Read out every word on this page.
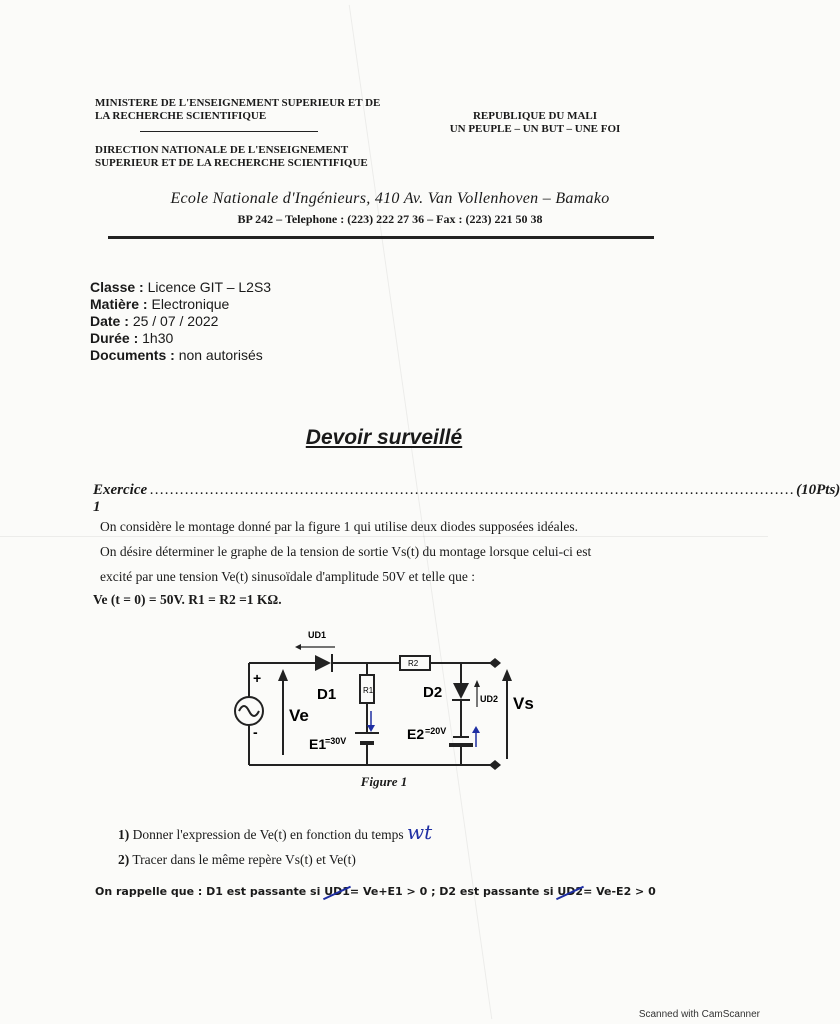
MINISTERE DE L'ENSEIGNEMENT SUPERIEUR ET DE
LA RECHERCHE SCIENTIFIQUE
DIRECTION NATIONALE DE L'ENSEIGNEMENT
SUPERIEUR ET DE LA RECHERCHE SCIENTIFIQUE
REPUBLIQUE DU MALI
UN PEUPLE – UN BUT – UNE FOI
Ecole Nationale d'Ingénieurs, 410 Av. Van Vollenhoven – Bamako
BP 242 – Telephone : (223) 222 27 36 – Fax : (223) 221 50 38
Classe : Licence GIT – L2S3
Matière : Electronique
Date : 25 / 07 / 2022
Durée : 1h30
Documents : non autorisés
Devoir surveillé
Exercice 1
………………………………………………………………………………………………………………… (10Pts)
On considère le montage donné par la figure 1 qui utilise deux diodes supposées idéales.
On désire déterminer le graphe de la tension de sortie Vs(t) du montage lorsque celui-ci est
excité par une tension Ve(t) sinusoïdale d'amplitude 50V et telle que :
Ve (t = 0) = 50V. R1 = R2 =1 KΩ.
+
-
Ve
D1
UD1
R1
R2
E1
=30V
D2	UD2
E2 =20V
Vs
Figure 1
1) Donner l'expression de Ve(t) en fonction du temps wt
2) Tracer dans le même repère Vs(t) et Ve(t)
On rappelle que : D1 est passante si UD1= Ve+E1 > 0 ; D2 est passante si UD2= Ve-E2 > 0
Scanned with CamScanner
